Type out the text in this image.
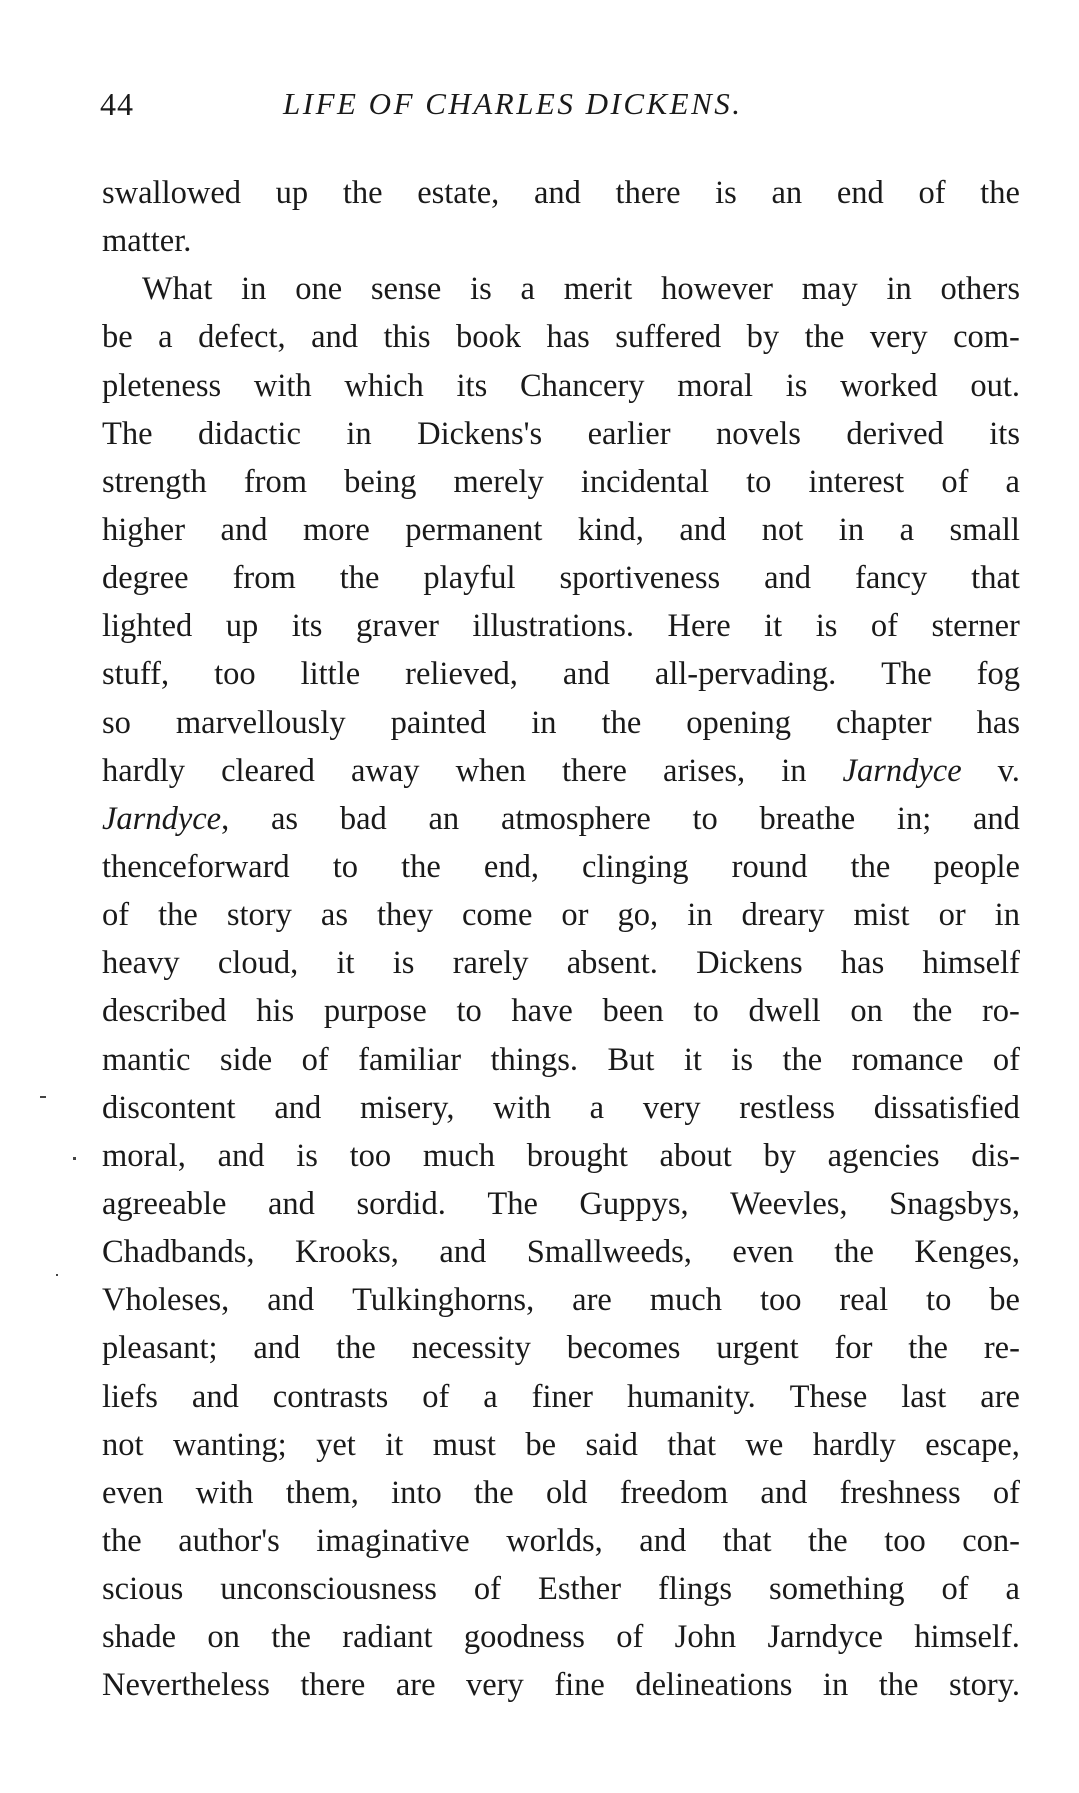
44	LIFE OF CHARLES DICKENS.
swallowed up the estate, and there is an end of the
matter.
What in one sense is a merit however may in others
be a defect, and this book has suffered by the very com-
pleteness with which its Chancery moral is worked out.
The didactic in Dickens's earlier novels derived its
strength from being merely incidental to interest of a
higher and more permanent kind, and not in a small
degree from the playful sportiveness and fancy that
lighted up its graver illustrations. Here it is of sterner
stuff, too little relieved, and all-pervading. The fog
so marvellously painted in the opening chapter has
hardly cleared away when there arises, in Jarndyce v.
Jarndyce, as bad an atmosphere to breathe in; and
thenceforward to the end, clinging round the people
of the story as they come or go, in dreary mist or in
heavy cloud, it is rarely absent. Dickens has himself
described his purpose to have been to dwell on the ro-
mantic side of familiar things. But it is the romance of
discontent and misery, with a very restless dissatisfied
moral, and is too much brought about by agencies dis-
agreeable and sordid. The Guppys, Weevles, Snagsbys,
Chadbands, Krooks, and Smallweeds, even the Kenges,
Vholeses, and Tulkinghorns, are much too real to be
pleasant; and the necessity becomes urgent for the re-
liefs and contrasts of a finer humanity. These last are
not wanting; yet it must be said that we hardly escape,
even with them, into the old freedom and freshness of
the author's imaginative worlds, and that the too con-
scious unconsciousness of Esther flings something of a
shade on the radiant goodness of John Jarndyce himself.
Nevertheless there are very fine delineations in the story.
